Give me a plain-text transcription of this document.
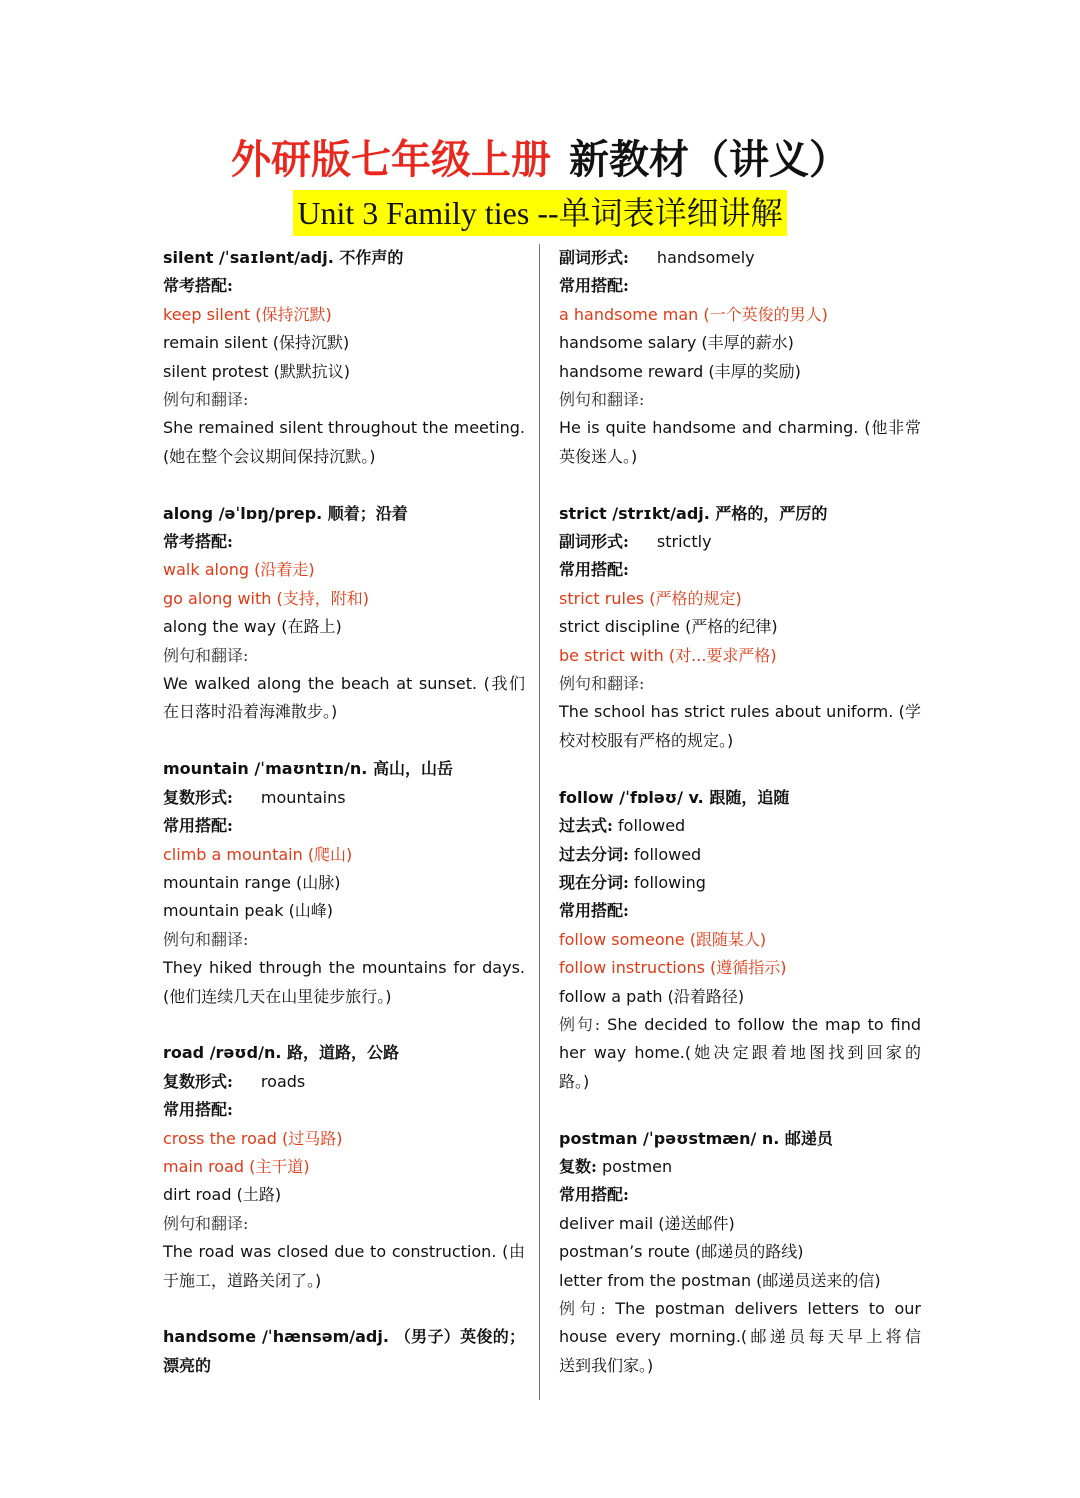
外研版七年级上册 新教材（讲义）
Unit 3 Family ties --单词表详细讲解
silent /ˈsaɪlənt/adj. 不作声的
常考搭配:
keep silent (保持沉默)
remain silent (保持沉默)
silent protest (默默抗议)
例句和翻译:
She remained silent throughout the meeting.
(她在整个会议期间保持沉默。)
along /əˈlɒŋ/prep. 顺着；沿着
常考搭配:
walk along (沿着走)
go along with (支持，附和)
along the way (在路上)
例句和翻译:
We walked along the beach at sunset. (我们
在日落时沿着海滩散步。)
mountain /ˈmaʊntɪn/n. 高山，山岳
复数形式: mountains
常用搭配:
climb a mountain (爬山)
mountain range (山脉)
mountain peak (山峰)
例句和翻译:
They hiked through the mountains for days.
(他们连续几天在山里徒步旅行。)
road /rəʊd/n. 路，道路，公路
复数形式: roads
常用搭配:
cross the road (过马路)
main road (主干道)
dirt road (土路)
例句和翻译:
The road was closed due to construction. (由
于施工，道路关闭了。)
handsome /ˈhænsəm/adj. （男子）英俊的；
漂亮的
副词形式: handsomely
常用搭配:
a handsome man (一个英俊的男人)
handsome salary (丰厚的薪水)
handsome reward (丰厚的奖励)
例句和翻译:
He is quite handsome and charming. (他非常
英俊迷人。)
strict /strɪkt/adj. 严格的，严厉的
副词形式: strictly
常用搭配:
strict rules (严格的规定)
strict discipline (严格的纪律)
be strict with (对...要求严格)
例句和翻译:
The school has strict rules about uniform. (学
校对校服有严格的规定。)
follow /ˈfɒləʊ/ v. 跟随，追随
过去式: followed
过去分词: followed
现在分词: following
常用搭配:
follow someone (跟随某人)
follow instructions (遵循指示)
follow a path (沿着路径)
例句: She decided to follow the map to find
her way home.(她决定跟着地图找到回家的
路。)
postman /ˈpəʊstmæn/ n. 邮递员
复数: postmen
常用搭配:
deliver mail (递送邮件)
postman’s route (邮递员的路线)
letter from the postman (邮递员送来的信)
例句: The postman delivers letters to our
house every morning.(邮递员每天早上将信
送到我们家。)
